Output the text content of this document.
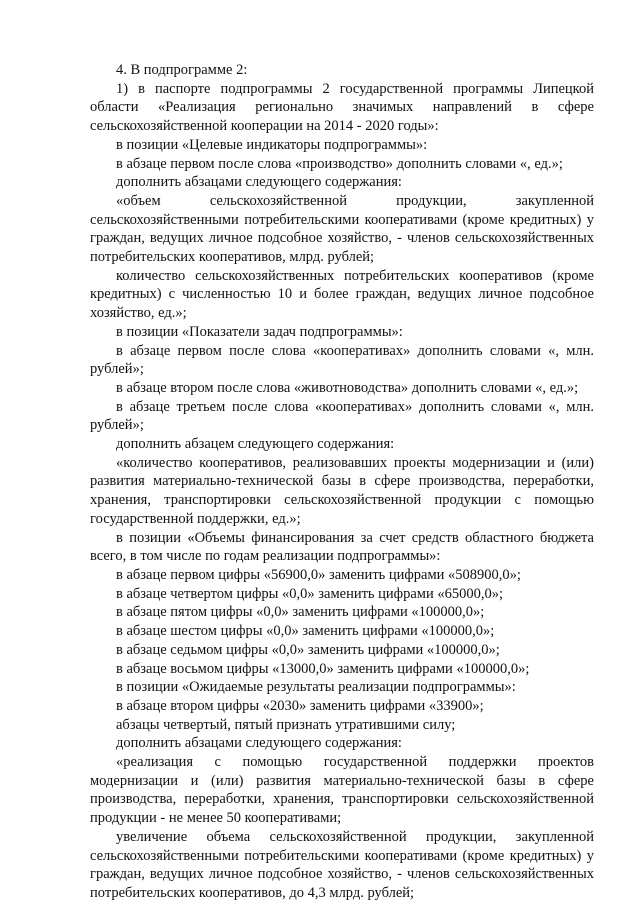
4. В подпрограмме 2:

1) в паспорте подпрограммы 2 государственной программы Липецкой области «Реализация регионально значимых направлений в сфере сельскохозяйственной кооперации на 2014 - 2020 годы»:

в позиции «Целевые индикаторы подпрограммы»:

в абзаце первом после слова «производство» дополнить словами «, ед.»;

дополнить абзацами следующего содержания:

«объем сельскохозяйственной продукции, закупленной сельскохозяйственными потребительскими кооперативами (кроме кредитных) у граждан, ведущих личное подсобное хозяйство, - членов сельскохозяйственных потребительских кооперативов, млрд. рублей;

количество сельскохозяйственных потребительских кооперативов (кроме кредитных) с численностью 10 и более граждан, ведущих личное подсобное хозяйство, ед.»;

в позиции «Показатели задач подпрограммы»:

в абзаце первом после слова «кооперативах» дополнить словами «, млн. рублей»;

в абзаце втором после слова «животноводства» дополнить словами «, ед.»;

в абзаце третьем после слова «кооперативах» дополнить словами «, млн. рублей»;

дополнить абзацем следующего содержания:

«количество кооперативов, реализовавших проекты модернизации и (или) развития материально-технической базы в сфере производства, переработки, хранения, транспортировки сельскохозяйственной продукции с помощью государственной поддержки, ед.»;

в позиции «Объемы финансирования за счет средств областного бюджета всего, в том числе по годам реализации подпрограммы»:

в абзаце первом цифры «56900,0» заменить цифрами «508900,0»;

в абзаце четвертом цифры «0,0» заменить цифрами «65000,0»;

в абзаце пятом цифры «0,0» заменить цифрами «100000,0»;

в абзаце шестом цифры «0,0» заменить цифрами «100000,0»;

в абзаце седьмом цифры «0,0» заменить цифрами «100000,0»;

в абзаце восьмом цифры «13000,0» заменить цифрами «100000,0»;

в позиции «Ожидаемые результаты реализации подпрограммы»:

в абзаце втором цифры «2030» заменить цифрами «33900»;

абзацы четвертый, пятый признать утратившими силу;

дополнить абзацами следующего содержания:

«реализация с помощью государственной поддержки проектов модернизации и (или) развития материально-технической базы в сфере производства, переработки, хранения, транспортировки сельскохозяйственной продукции - не менее 50 кооперативами;

увеличение объема сельскохозяйственной продукции, закупленной сельскохозяйственными потребительскими кооперативами (кроме кредитных) у граждан, ведущих личное подсобное хозяйство, - членов сельскохозяйственных потребительских кооперативов, до 4,3 млрд. рублей;
